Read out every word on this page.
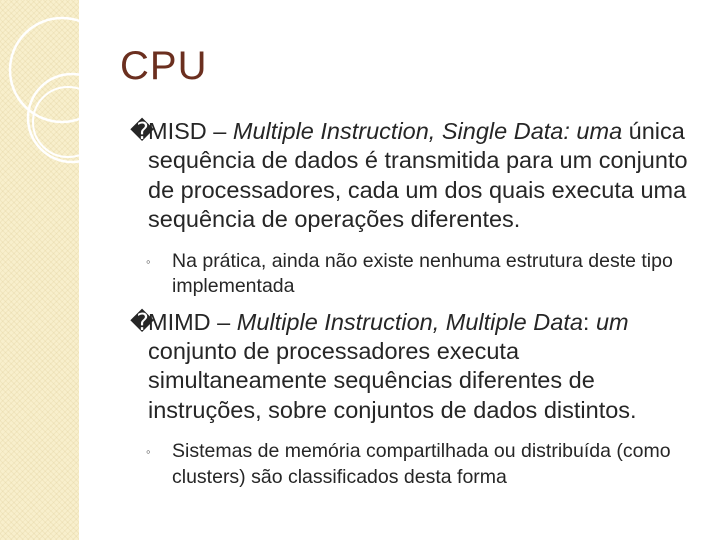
CPU

�
MISD – Multiple Instruction, Single Data: uma única sequência de dados é transmitida para um conjunto de processadores, cada um dos quais executa uma sequência de operações diferentes.

◦ Na prática, ainda não existe nenhuma estrutura deste tipo implementada

�
MIMD – Multiple Instruction, Multiple Data: um conjunto de processadores executa simultaneamente sequências diferentes de instruções, sobre conjuntos de dados distintos.

◦ Sistemas de memória compartilhada ou distribuída (como clusters) são classificados desta forma
